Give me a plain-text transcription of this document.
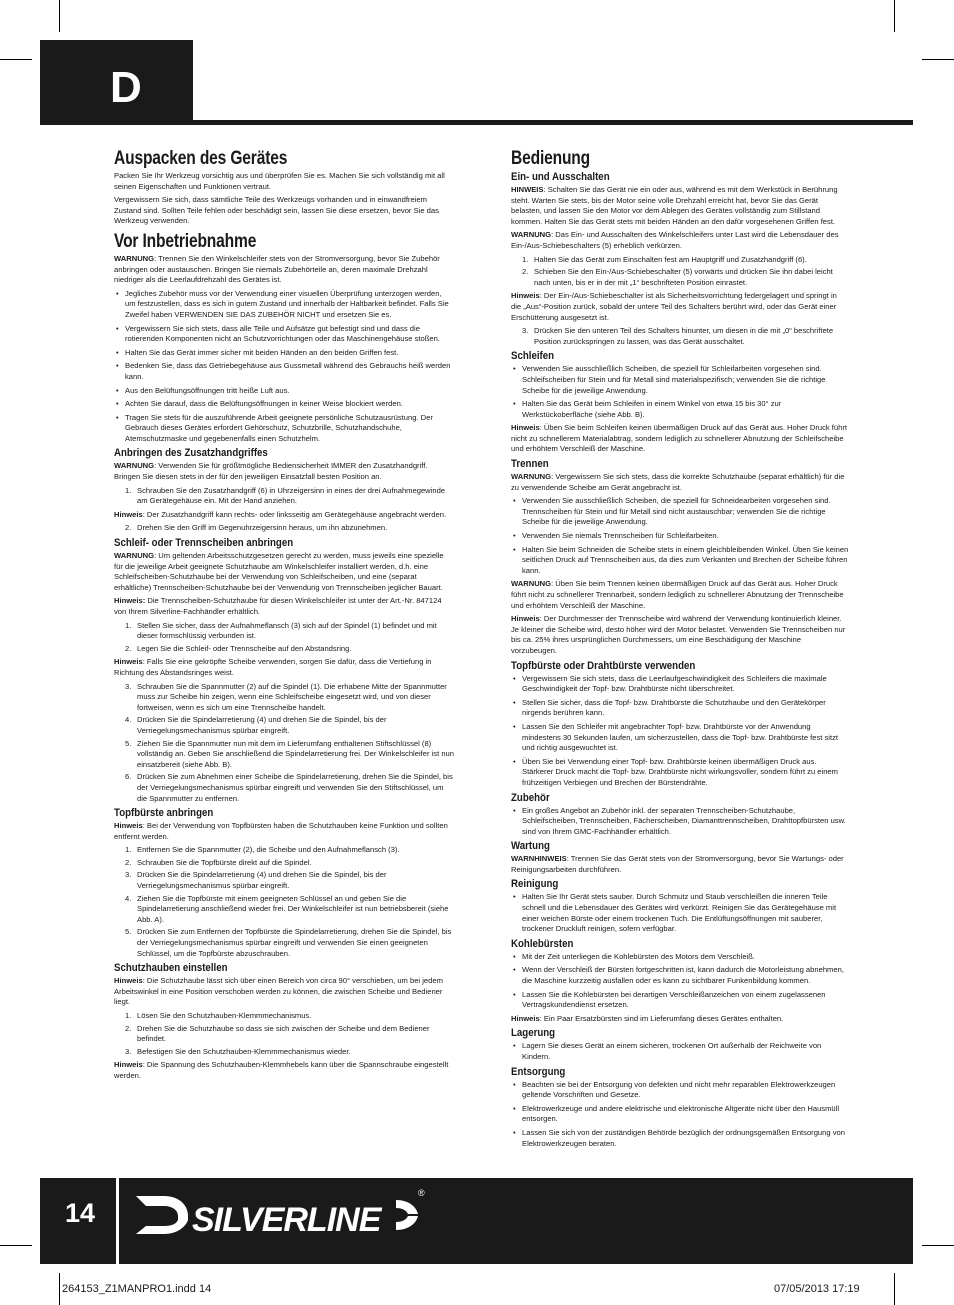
D
Auspacken des Gerätes

Packen Sie Ihr Werkzeug vorsichtig aus und überprüfen Sie es. Machen Sie sich vollständig mit all seinen Eigenschaften und Funktionen vertraut.

Vergewissern Sie sich, dass sämtliche Teile des Werkzeugs vorhanden und in einwandfreiem Zustand sind. Sollten Teile fehlen oder beschädigt sein, lassen Sie diese ersetzen, bevor Sie das Werkzeug verwenden.

Vor Inbetriebnahme

WARNUNG: Trennen Sie den Winkelschleifer stets von der Stromversorgung, bevor Sie Zubehör anbringen oder austauschen. Bringen Sie niemals Zubehörteile an, deren maximale Drehzahl niedriger als die Leerlaufdrehzahl des Gerätes ist.

• Jegliches Zubehör muss vor der Verwendung einer visuellen Überprüfung unterzogen werden, um festzustellen, dass es sich in gutem Zustand und innerhalb der Haltbarkeit befindet. Falls Sie Zweifel haben VERWENDEN SIE DAS ZUBEHÖR NICHT und ersetzen Sie es.
• Vergewissern Sie sich stets, dass alle Teile und Aufsätze gut befestigt sind und dass die rotierenden Komponenten nicht an Schutzvorrichtungen oder das Maschinengehäuse stoßen.
• Halten Sie das Gerät immer sicher mit beiden Händen an den beiden Griffen fest.
• Bedenken Sie, dass das Getriebegehäuse aus Gussmetall während des Gebrauchs heiß werden kann.
• Aus den Belüftungsöffnungen tritt heiße Luft aus.
• Achten Sie darauf, dass die Belüftungsöffnungen in keiner Weise blockiert werden.
• Tragen Sie stets für die auszuführende Arbeit geeignete persönliche Schutzausrüstung. Der Gebrauch dieses Gerätes erfordert Gehörschutz, Schutzbrille, Schutzhandschuhe, Atemschutzmaske und gegebenenfalls einen Schutzhelm.
Anbringen des Zusatzhandgriffes

WARNUNG: Verwenden Sie für größtmögliche Bediensicherheit IMMER den Zusatzhandgriff. Bringen Sie diesen stets in der für den jeweiligen Einsatzfall besten Position an.

1. Schrauben Sie den Zusatzhandgriff (6) in Uhrzeigersinn in eines der drei Aufnahmegewinde am Gerätegehäuse ein. Mit der Hand anziehen.

Hinweis: Der Zusatzhandgriff kann rechts- oder linksseitig am Gerätegehäuse angebracht werden.

2. Drehen Sie den Griff im Gegenuhrzeigersinn heraus, um ihn abzunehmen.
Schleif- oder Trennscheiben anbringen

WARNUNG: Um geltenden Arbeitsschutzgesetzen gerecht zu werden, muss jeweils eine spezielle für die jeweilige Arbeit geeignete Schutzhaube am Winkelschleifer installiert werden, d.h. eine Schleifscheiben-Schutzhaube bei der Verwendung von Schleifscheiben, und eine (separat erhältliche) Trennscheiben-Schutzhaube bei der Verwendung von Trennscheiben jeglicher Bauart.

Hinweis: Die Trennscheiben-Schutzhaube für diesen Winkelschleifer ist unter der Art.-Nr. 847124 von Ihrem Silverline-Fachhändler erhältlich.

1. Stellen Sie sicher, dass der Aufnahmeflansch (3) sich auf der Spindel (1) befindet und mit dieser formschlüssig verbunden ist.
2. Legen Sie die Schleif- oder Trennscheibe auf den Abstandsring.

Hinweis: Falls Sie eine gekröpfte Scheibe verwenden, sorgen Sie dafür, dass die Vertiefung in Richtung des Abstandsringes weist.

3. Schrauben Sie die Spannmutter (2) auf die Spindel (1). Die erhabene Mitte der Spannmutter muss zur Scheibe hin zeigen, wenn eine Schleifscheibe eingesetzt wird, und von dieser fortweisen, wenn es sich um eine Trennscheibe handelt.
4. Drücken Sie die Spindelarretierung (4) und drehen Sie die Spindel, bis der Verriegelungsmechanismus spürbar eingreift.
5. Ziehen Sie die Spannmutter nun mit dem im Lieferumfang enthaltenen Stiftschlüssel (8) vollständig an. Geben Sie anschließend die Spindelarretierung frei. Der Winkelschleifer ist nun einsatzbereit (siehe Abb. B).
6. Drücken Sie zum Abnehmen einer Scheibe die Spindelarretierung, drehen Sie die Spindel, bis der Verriegelungsmechanismus spürbar eingreift und verwenden Sie den Stiftschlüssel, um die Spannmutter zu entfernen.
Topfbürste anbringen

Hinweis: Bei der Verwendung von Topfbürsten haben die Schutzhauben keine Funktion und sollten entfernt werden.

1. Entfernen Sie die Spannmutter (2), die Scheibe und den Aufnahmeflansch (3).
2. Schrauben Sie die Topfbürste direkt auf die Spindel.
3. Drücken Sie die Spindelarretierung (4) und drehen Sie die Spindel, bis der Verriegelungsmechanismus spürbar eingreift.
4. Ziehen Sie die Topfbürste mit einem geeigneten Schlüssel an und geben Sie die Spindelarretierung anschließend wieder frei. Der Winkelschleifer ist nun betriebsbereit (siehe Abb. A).
5. Drücken Sie zum Entfernen der Topfbürste die Spindelarretierung, drehen Sie die Spindel, bis der Verriegelungsmechanismus spürbar eingreift und verwenden Sie einen geeigneten Schlüssel, um die Topfbürste abzuschrauben.
Schutzhauben einstellen

Hinweis: Die Schutzhaube lässt sich über einen Bereich von circa 90° verschieben, um bei jedem Arbeitswinkel in eine Position verschoben werden zu können, die zwischen Scheibe und Bediener liegt.

1. Lösen Sie den Schutzhauben-Klemmmechanismus.
2. Drehen Sie die Schutzhaube so dass sie sich zwischen der Scheibe und dem Bediener befindet.
3. Befestigen Sie den Schutzhauben-Klemmmechanismus wieder.

Hinweis: Die Spannung des Schutzhauben-Klemmhebels kann über die Spannschraube eingestellt werden.

Bedienung
Ein- und Ausschalten

HINWEIS: Schalten Sie das Gerät nie ein oder aus, während es mit dem Werkstück in Berührung steht. Warten Sie stets, bis der Motor seine volle Drehzahl erreicht hat, bevor Sie das Gerät belasten, und lassen Sie den Motor vor dem Ablegen des Gerätes vollständig zum Stillstand kommen. Halten Sie das Gerät stets mit beiden Händen an den dafür vorgesehenen Griffen fest.

WARNUNG: Das Ein- und Ausschalten des Winkelschleifers unter Last wird die Lebensdauer des Ein-/Aus-Schiebeschalters (5) erheblich verkürzen.

1. Halten Sie das Gerät zum Einschalten fest am Hauptgriff und Zusatzhandgriff (6).
2. Schieben Sie den Ein-/Aus-Schiebeschalter (5) vorwärts und drücken Sie ihn dabei leicht nach unten, bis er in der mit „1“ beschrifteten Position einrastet.

Hinweis: Der Ein-/Aus-Schiebeschalter ist als Sicherheitsvorrichtung federgelagert und springt in die „Aus“-Position zurück, sobald der untere Teil des Schalters berührt wird, oder das Gerät einer Erschütterung ausgesetzt ist.

3. Drücken Sie den unteren Teil des Schalters hinunter, um diesen in die mit „0“ beschriftete Position zurückspringen zu lassen, was das Gerät ausschaltet.
Schleifen
• Verwenden Sie ausschließlich Scheiben, die speziell für Schleifarbeiten vorgesehen sind. Schleifscheiben für Stein und für Metall sind materialspezifisch; verwenden Sie die richtige Scheibe für die jeweilige Anwendung.
• Halten Sie das Gerät beim Schleifen in einem Winkel von etwa 15 bis 30° zur Werkstückoberfläche (siehe Abb. B).

Hinweis: Üben Sie beim Schleifen keinen übermäßigen Druck auf das Gerät aus. Hoher Druck führt nicht zu schnellerem Materialabtrag, sondern lediglich zu schnellerer Abnutzung der Schleifscheibe und erhöhtem Verschleiß der Maschine.

Trennen

WARNUNG: Vergewissern Sie sich stets, dass die korrekte Schutzhaube (separat erhältlich) für die zu verwendende Scheibe am Gerät angebracht ist.

• Verwenden Sie ausschließlich Scheiben, die speziell für Schneidearbeiten vorgesehen sind. Trennscheiben für Stein und für Metall sind nicht austauschbar; verwenden Sie die richtige Scheibe für die jeweilige Anwendung.
• Verwenden Sie niemals Trennscheiben für Schleifarbeiten.
• Halten Sie beim Schneiden die Scheibe stets in einem gleichbleibenden Winkel. Üben Sie keinen seitlichen Druck auf Trennscheiben aus, da dies zum Verkanten und Brechen der Scheibe führen kann.

WARNUNG: Üben Sie beim Trennen keinen übermäßigen Druck auf das Gerät aus. Hoher Druck führt nicht zu schnellerer Trennarbeit, sondern lediglich zu schnellerer Abnutzung der Trennscheibe und erhöhtem Verschleiß der Maschine.

Hinweis: Der Durchmesser der Trennscheibe wird während der Verwendung kontinuierlich kleiner. Je kleiner die Scheibe wird, desto höher wird der Motor belastet. Verwenden Sie Trennscheiben nur bis ca. 25% ihres ursprünglichen Durchmessers, um eine Beschädigung der Maschine vorzubeugen.

Topfbürste oder Drahtbürste verwenden
• Vergewissern Sie sich stets, dass die Leerlaufgeschwindigkeit des Schleifers die maximale Geschwindigkeit der Topf- bzw. Drahtbürste nicht überschreitet.
• Stellen Sie sicher, dass die Topf- bzw. Drahtbürste die Schutzhaube und den Gerätekörper nirgends berühren kann.
• Lassen Sie den Schleifer mit angebrachter Topf- bzw. Drahtbürste vor der Anwendung mindestens 30 Sekunden laufen, um sicherzustellen, dass die Topf- bzw. Drahtbürste fest sitzt und richtig ausgewuchtet ist.
• Üben Sie bei Verwendung einer Topf- bzw. Drahtbürste keinen übermäßigen Druck aus. Stärkerer Druck macht die Topf- bzw. Drahtbürste nicht wirkungsvoller, sondern führt zu einem frühzeitigen Verbiegen und Brechen der Bürstendrähte.
Zubehör
• Ein großes Angebot an Zubehör inkl. der separaten Trennscheiben-Schutzhaube, Schleifscheiben, Trennscheiben, Fächerscheiben, Diamanttrennscheiben, Drahttopfbürsten usw. sind von Ihrem GMC-Fachhändler erhältlich.
Wartung

WARNHINWEIS: Trennen Sie das Gerät stets von der Stromversorgung, bevor Sie Wartungs- oder Reinigungsarbeiten durchführen.

Reinigung
• Halten Sie Ihr Gerät stets sauber. Durch Schmutz und Staub verschleißen die inneren Teile schnell und die Lebensdauer des Gerätes wird verkürzt. Reinigen Sie das Gerätegehäuse mit einer weichen Bürste oder einem trockenen Tuch. Die Entlüftungsöffnungen mit sauberer, trockener Druckluft reinigen, sofern verfügbar.
Kohlebürsten
• Mit der Zeit unterliegen die Kohlebürsten des Motors dem Verschleiß.
• Wenn der Verschleiß der Bürsten fortgeschritten ist, kann dadurch die Motorleistung abnehmen, die Maschine kurzzeitig ausfallen oder es kann zu sichtbarer Funkenbildung kommen.
• Lassen Sie die Kohlebürsten bei derartigen Verschleißanzeichen von einem zugelassenen Vertragskundendienst ersetzen.

Hinweis: Ein Paar Ersatzbürsten sind im Lieferumfang dieses Gerätes enthalten.

Lagerung
• Lagern Sie dieses Gerät an einem sicheren, trockenen Ort außerhalb der Reichweite von Kindern.
Entsorgung
• Beachten sie bei der Entsorgung von defekten und nicht mehr reparablen Elektrowerkzeugen geltende Vorschriften und Gesetze.
• Elektrowerkzeuge und andere elektrische und elektronische Altgeräte nicht über den Hausmüll entsorgen.
• Lassen Sie sich von der zuständigen Behörde bezüglich der ordnungsgemäßen Entsorgung von Elektrowerkzeugen beraten.
14	SILVERLINE
®
264153_Z1MANPRO1.indd 14	07/05/2013 17:19
